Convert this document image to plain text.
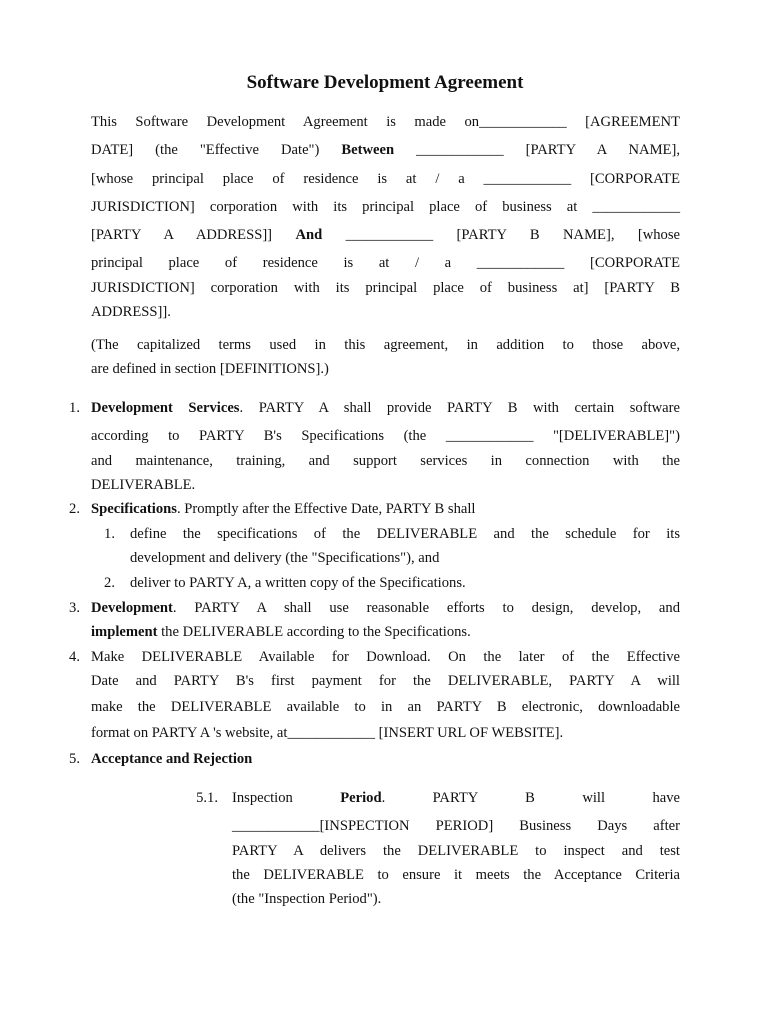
Software Development Agreement
This Software Development Agreement is made on____________ [AGREEMENT
DATE] (the "Effective Date") Between ____________ [PARTY A NAME],
[whose principal place of residence is at / a ____________ [CORPORATE
JURISDICTION] corporation with its principal place of business at ____________
[PARTY A ADDRESS]] And ____________ [PARTY B NAME], [whose
principal place of residence is at / a ____________ [CORPORATE
JURISDICTION] corporation with its principal place of business at] [PARTY B
ADDRESS]].
(The capitalized terms used in this agreement, in addition to those above,
are defined in section [DEFINITIONS].)
1. Development Services. PARTY A shall provide PARTY B with certain software
according to PARTY B's Specifications (the ____________ "[DELIVERABLE]")
and maintenance, training, and support services in connection with the
DELIVERABLE.
2. Specifications. Promptly after the Effective Date, PARTY B shall
1. define the specifications of the DELIVERABLE and the schedule for its
development and delivery (the "Specifications"), and
2. deliver to PARTY A, a written copy of the Specifications.
3. Development. PARTY A shall use reasonable efforts to design, develop, and
implement the DELIVERABLE according to the Specifications.
4. Make DELIVERABLE Available for Download. On the later of the Effective
Date and PARTY B's first payment for the DELIVERABLE, PARTY A will
make the DELIVERABLE available to in an PARTY B electronic, downloadable
format on PARTY A 's website, at____________ [INSERT URL OF WEBSITE].
5. Acceptance and Rejection
5.1. Inspection	Period. PARTY B will have
____________[INSPECTION PERIOD] Business Days after
PARTY A delivers the DELIVERABLE to inspect and test
the DELIVERABLE to ensure it meets the Acceptance Criteria
(the "Inspection Period").
